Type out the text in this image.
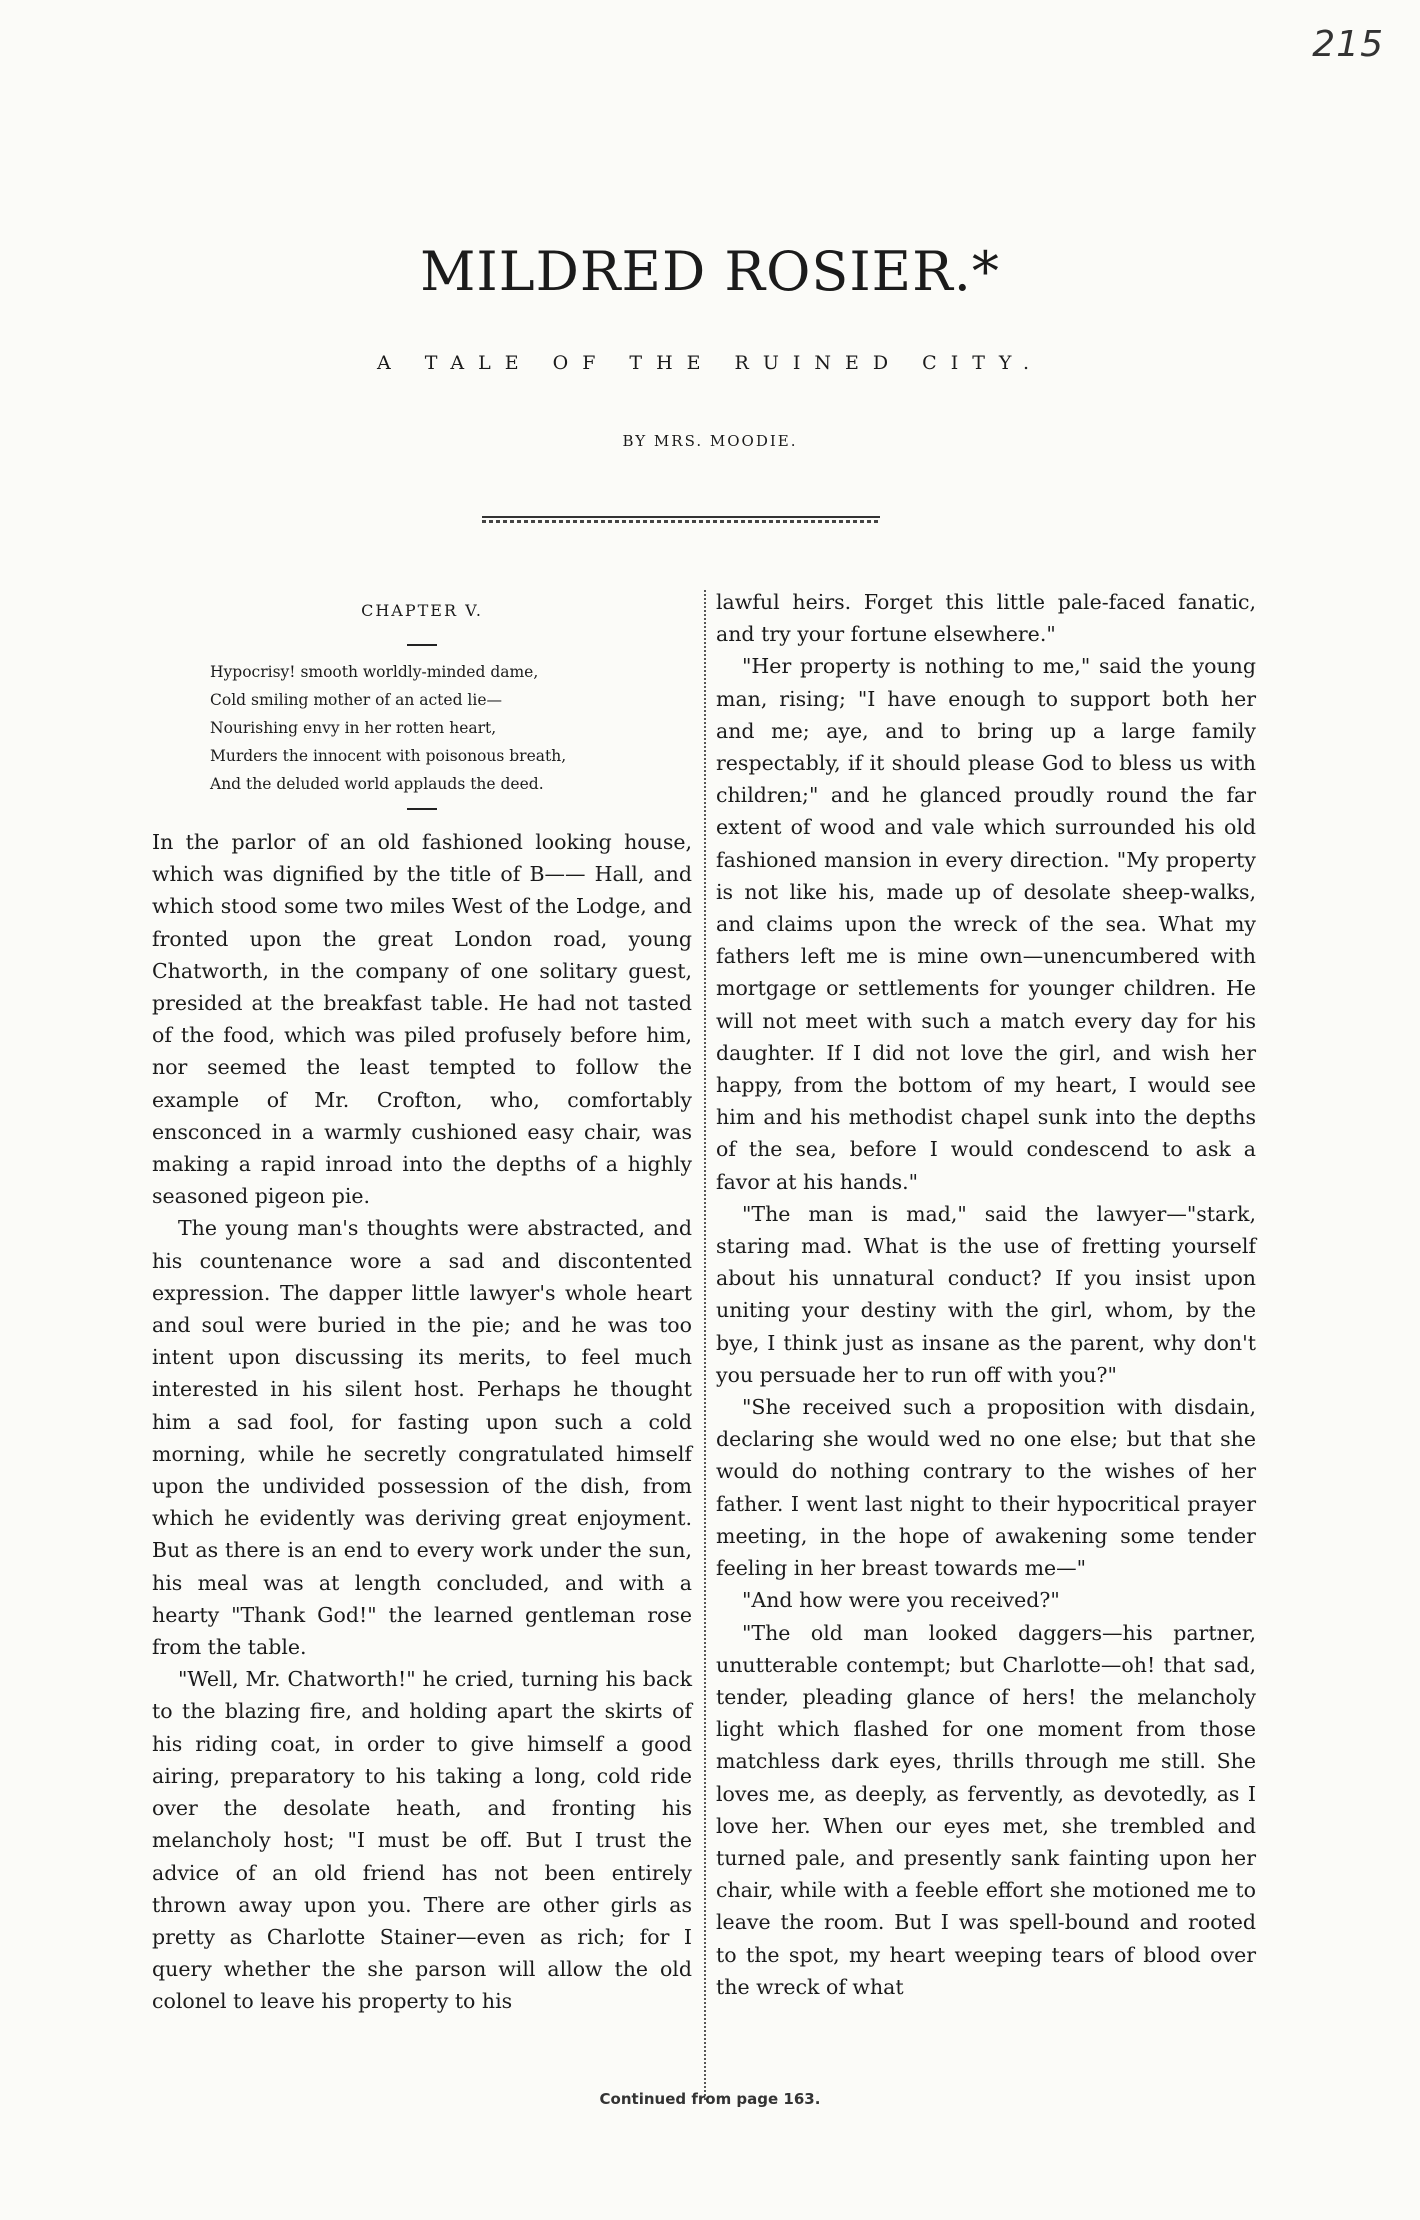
215
MILDRED ROSIER.*
A TALE OF THE RUINED CITY.
BY MRS. MOODIE.
CHAPTER V.
Hypocrisy! smooth worldly-minded dame,
Cold smiling mother of an acted lie—
Nourishing envy in her rotten heart,
Murders the innocent with poisonous breath,
And the deluded world applauds the deed.

In the parlor of an old fashioned looking house, which was dignified by the title of B—— Hall, and which stood some two miles West of the Lodge, and fronted upon the great London road, young Chatworth, in the company of one solitary guest, presided at the breakfast table. He had not tasted of the food, which was piled profusely before him, nor seemed the least tempted to follow the example of Mr. Crofton, who, comfortably ensconced in a warmly cushioned easy chair, was making a rapid inroad into the depths of a highly seasoned pigeon pie.

The young man's thoughts were abstracted, and his countenance wore a sad and discontented expression. The dapper little lawyer's whole heart and soul were buried in the pie; and he was too intent upon discussing its merits, to feel much interested in his silent host. Perhaps he thought him a sad fool, for fasting upon such a cold morning, while he secretly congratulated himself upon the undivided possession of the dish, from which he evidently was deriving great enjoyment. But as there is an end to every work under the sun, his meal was at length concluded, and with a hearty "Thank God!" the learned gentleman rose from the table.

"Well, Mr. Chatworth!" he cried, turning his back to the blazing fire, and holding apart the skirts of his riding coat, in order to give himself a good airing, preparatory to his taking a long, cold ride over the desolate heath, and fronting his melancholy host; "I must be off. But I trust the advice of an old friend has not been entirely thrown away upon you. There are other girls as pretty as Charlotte Stainer—even as rich; for I query whether the she parson will allow the old colonel to leave his property to his

lawful heirs. Forget this little pale-faced fanatic, and try your fortune elsewhere."

"Her property is nothing to me," said the young man, rising; "I have enough to support both her and me; aye, and to bring up a large family respectably, if it should please God to bless us with children;" and he glanced proudly round the far extent of wood and vale which surrounded his old fashioned mansion in every direction. "My property is not like his, made up of desolate sheep-walks, and claims upon the wreck of the sea. What my fathers left me is mine own—unencumbered with mortgage or settlements for younger children. He will not meet with such a match every day for his daughter. If I did not love the girl, and wish her happy, from the bottom of my heart, I would see him and his methodist chapel sunk into the depths of the sea, before I would condescend to ask a favor at his hands."

"The man is mad," said the lawyer—"stark, staring mad. What is the use of fretting yourself about his unnatural conduct? If you insist upon uniting your destiny with the girl, whom, by the bye, I think just as insane as the parent, why don't you persuade her to run off with you?"

"She received such a proposition with disdain, declaring she would wed no one else; but that she would do nothing contrary to the wishes of her father. I went last night to their hypocritical prayer meeting, in the hope of awakening some tender feeling in her breast towards me—"

"And how were you received?"

"The old man looked daggers—his partner, unutterable contempt; but Charlotte—oh! that sad, tender, pleading glance of hers! the melancholy light which flashed for one moment from those matchless dark eyes, thrills through me still. She loves me, as deeply, as fervently, as devotedly, as I love her. When our eyes met, she trembled and turned pale, and presently sank fainting upon her chair, while with a feeble effort she motioned me to leave the room. But I was spell-bound and rooted to the spot, my heart weeping tears of blood over the wreck of what

Continued from page 163.
